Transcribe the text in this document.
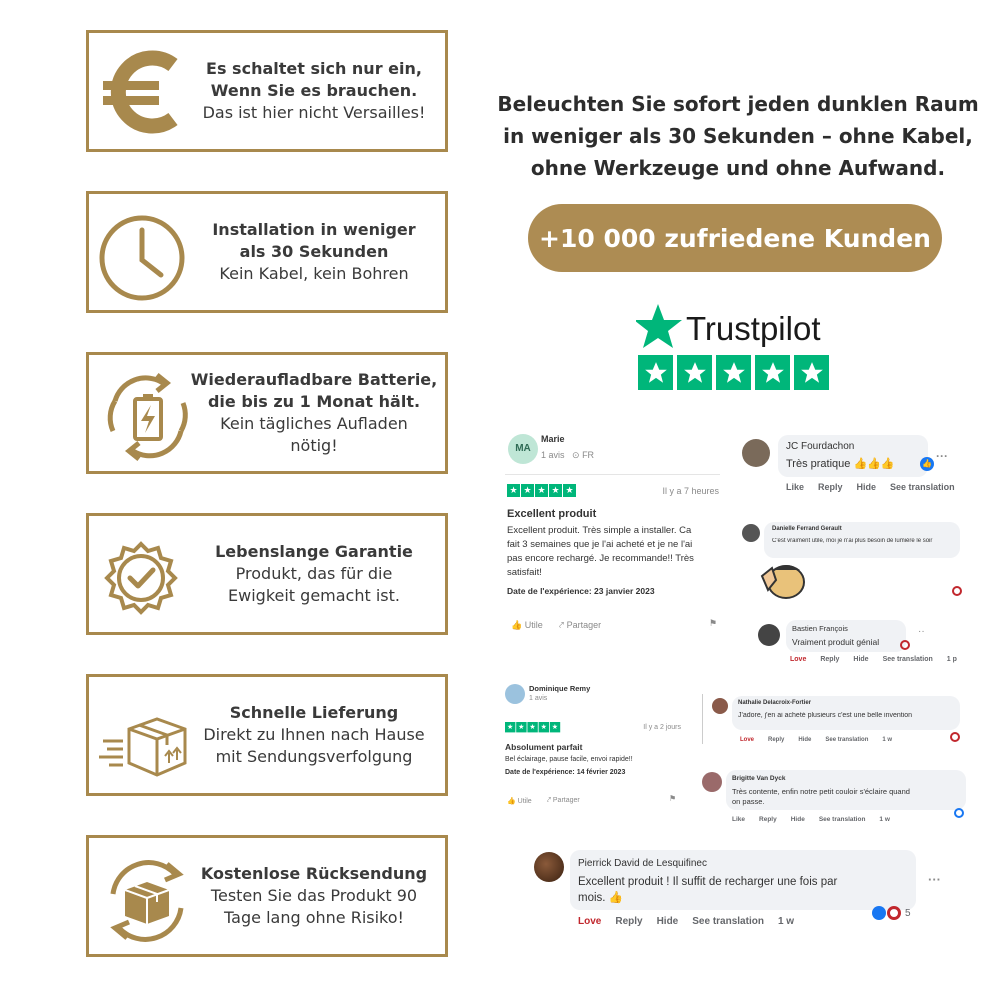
Es schaltet sich nur ein,
Wenn Sie es brauchen.
Das ist hier nicht Versailles!
Installation in weniger
als 30 Sekunden
Kein Kabel, kein Bohren
Wiederaufladbare Batterie,
die bis zu 1 Monat hält.
Kein tägliches Aufladen
nötig!
Lebenslange Garantie
Produkt, das für die
Ewigkeit gemacht ist.
Schnelle Lieferung
Direkt zu Ihnen nach Hause
mit Sendungsverfolgung
Kostenlose Rücksendung
Testen Sie das Produkt 90
Tage lang ohne Risiko!
Beleuchten Sie sofort jeden dunklen Raum
in weniger als 30 Sekunden – ohne Kabel,
ohne Werkzeuge und ohne Aufwand.
+10 000 zufriedene Kunden
Trustpilot
MA
Marie
1 avis   ⊙ FR
★ ★ ★ ★ ★	Il y a 7 heures
Excellent produit
Excellent produit. Très simple a installer. Ca
fait 3 semaines que je l'ai acheté et je ne l'ai
pas encore rechargé. Je recommande!! Très
satisfait!
Date de l'expérience: 23 janvier 2023
👍 Utile ⤤ Partager	⚑
Dominique Remy
1 avis
★ ★ ★ ★ ★	Il y a 2 jours
Absolument parfait
Bel éclairage, pause facile, envoi rapide!!
Date de l'expérience: 14 février 2023
👍 Utile ⤤ Partager	⚑
JC Fourdachon
Très pratique 👍👍👍	👍
···
Like Reply Hide See translation
Danielle Ferrand Gerault
C'est vraiment utile, moi je n'ai plus besoin de lumière le soir
Bastien François
Vraiment produit génial
··
Love Reply Hide See translation 1 p
Nathalie Delacroix-Fortier
J'adore, j'en ai acheté plusieurs c'est une belle invention
Love Reply Hide See translation 1 w
Brigitte Van Dyck
Très contente, enfin notre petit couloir s'éclaire quand
on passe.
Like Reply Hide See translation 1 w
Pierrick David de Lesquifinec
Excellent produit ! Il suffit de recharger une fois par
mois. 👍
···
5
Love Reply Hide See translation 1 w
